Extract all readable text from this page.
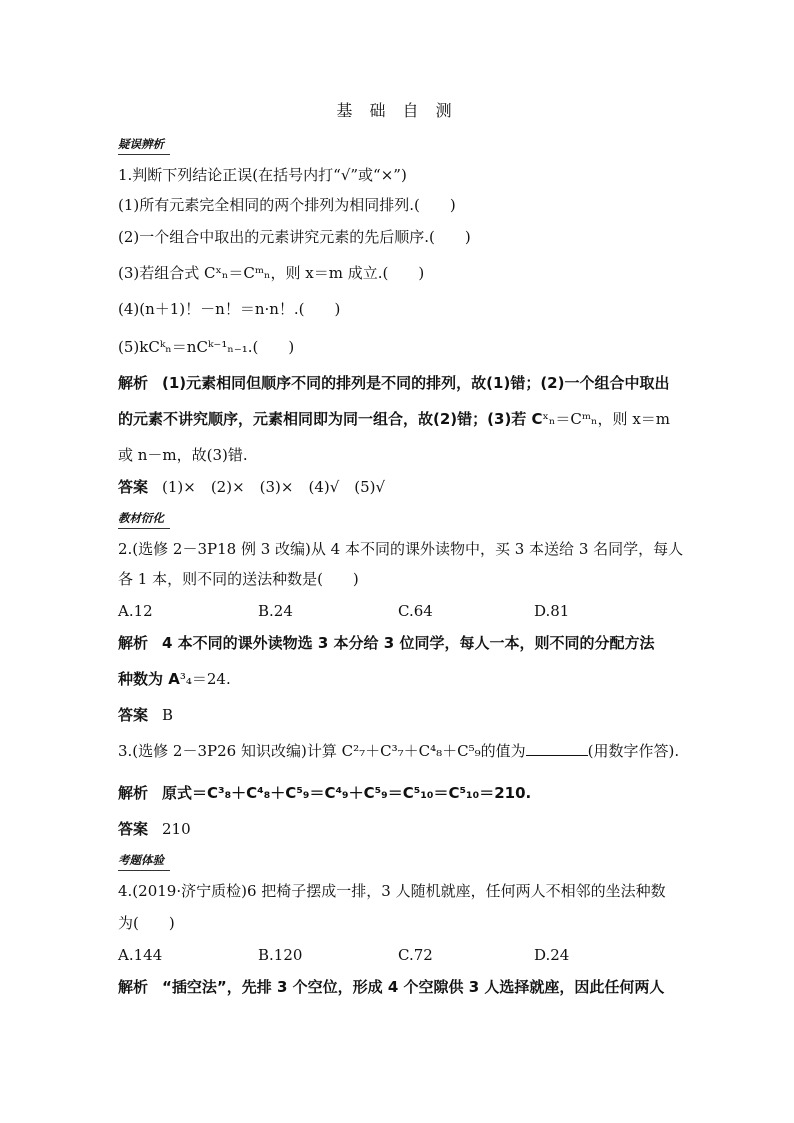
基 础 自 测
疑误辨析
1.判断下列结论正误(在括号内打“√”或“×”)
(1)所有元素完全相同的两个排列为相同排列.(　　)
(2)一个组合中取出的元素讲究元素的先后顺序.(　　)
(3)若组合式 Cˣₙ＝Cᵐₙ，则 x＝m 成立.(　　)
(4)(n＋1)！－n！＝n·n！.(　　)
(5)kCᵏₙ＝nCᵏ⁻¹ₙ₋₁.(　　)
解析 (1)元素相同但顺序不同的排列是不同的排列，故(1)错；(2)一个组合中取出
的元素不讲究顺序，元素相同即为同一组合，故(2)错；(3)若 Cˣₙ＝Cᵐₙ，则 x＝m
或 n－m，故(3)错.
答案 (1)×　(2)×　(3)×　(4)√　(5)√
教材衍化
2.(选修 2－3P18 例 3 改编)从 4 本不同的课外读物中，买 3 本送给 3 名同学，每人
各 1 本，则不同的送法种数是(　　)
A.12	B.24	C.64	D.81
解析 4 本不同的课外读物选 3 本分给 3 位同学，每人一本，则不同的分配方法
种数为 A³₄＝24.
答案 B
3.(选修 2－3P26 知识改编)计算 C²₇＋C³₇＋C⁴₈＋C⁵₉的值为	(用数字作答).
解析 原式＝C³₈＋C⁴₈＋C⁵₉＝C⁴₉＋C⁵₉＝C⁵₁₀＝C⁵₁₀＝210.
答案 210
考题体验
4.(2019·济宁质检)6 把椅子摆成一排，3 人随机就座，任何两人不相邻的坐法种数
为(　　)
A.144	B.120	C.72	D.24
解析 “插空法”，先排 3 个空位，形成 4 个空隙供 3 人选择就座，因此任何两人
